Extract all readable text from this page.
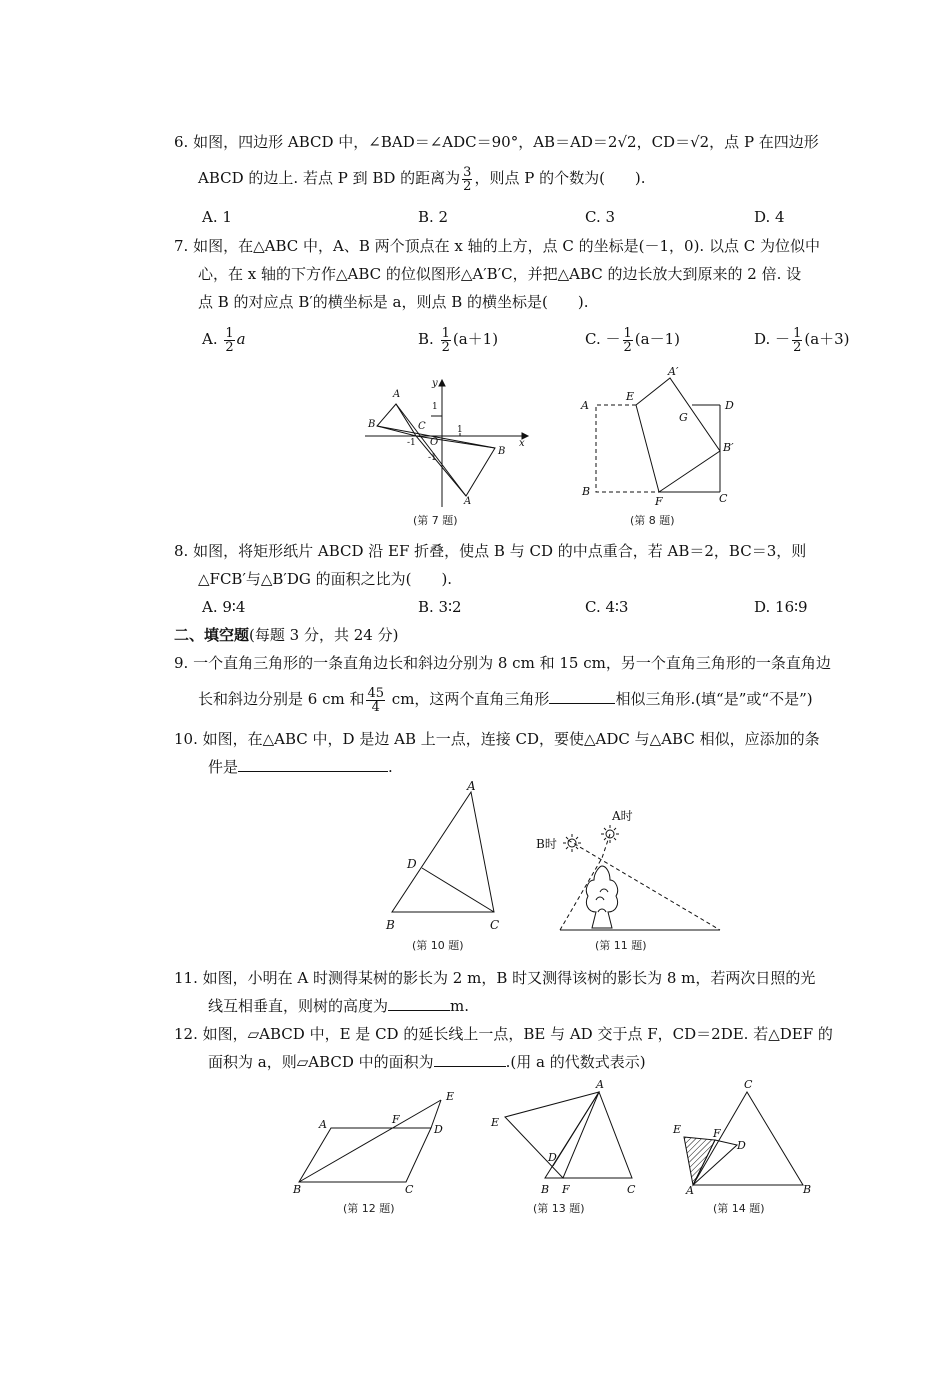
6. 如图，四边形 ABCD 中，∠BAD＝∠ADC＝90°，AB＝AD＝2√2，CD＝√2，点 P 在四边形
ABCD 的边上. 若点 P 到 BD 的距离为 $\frac{3}{2}$ ，则点 P 的个数为(　　).
A. 1	B. 2	C. 3	D. 4
7. 如图，在△ABC 中，A、B 两个顶点在 x 轴的上方，点 C 的坐标是(－1，0). 以点 C 为位似中
心，在 x 轴的下方作△ABC 的位似图形△A′B′C，并把△ABC 的边长放大到原来的 2 倍. 设
点 B 的对应点 B′的横坐标是 a，则点 B 的横坐标是(　　).
A. $\frac{1}{2}$ a	B. $\frac{1}{2} (a+1)$	C. － $\frac{1}{2} (a-1)$	D. － $\frac{1}{2} (a+3)$
A
B	C
O
B
A
x
y
1
-1
1
-1
(第 7 题)
A
E
A′
D
G
B′
B
F	C
(第 8 题)
8. 如图，将矩形纸片 ABCD 沿 EF 折叠，使点 B 与 CD 的中点重合，若 AB＝2，BC＝3，则
△FCB′与△B′DG 的面积之比为(　　).
A. 9∶4	B. 3∶2	C. 4∶3	D. 16∶9
二、填空题(每题 3 分，共 24 分)
9. 一个直角三角形的一条直角边长和斜边分别为 8 cm 和 15 cm，另一个直角三角形的一条直角边
长和斜边分别是 6 cm 和 $\frac{45}{4}$ cm，这两个直角三角形	相似三角形.(填“是”或“不是”)
10. 如图，在△ABC 中，D 是边 AB 上一点，连接 CD，要使△ADC 与△ABC 相似，应添加的条
件是	.
A
D
B	C
(第 10 题)
A时
B时
(第 11 题)
11. 如图，小明在 A 时测得某树的影长为 2 m，B 时又测得该树的影长为 8 m，若两次日照的光
线互相垂直，则树的高度为	m.
12. 如图，▱ABCD 中，E 是 CD 的延长线上一点，BE 与 AD 交于点 F，CD＝2DE. 若△DEF 的
面积为 a，则▱ABCD 中的面积为	.(用 a 的代数式表示)
A	F
E
D
B	C
(第 12 题)
A
E
D
B F	C
(第 13 题)
C
E	F
D
A	B
(第 14 题)
